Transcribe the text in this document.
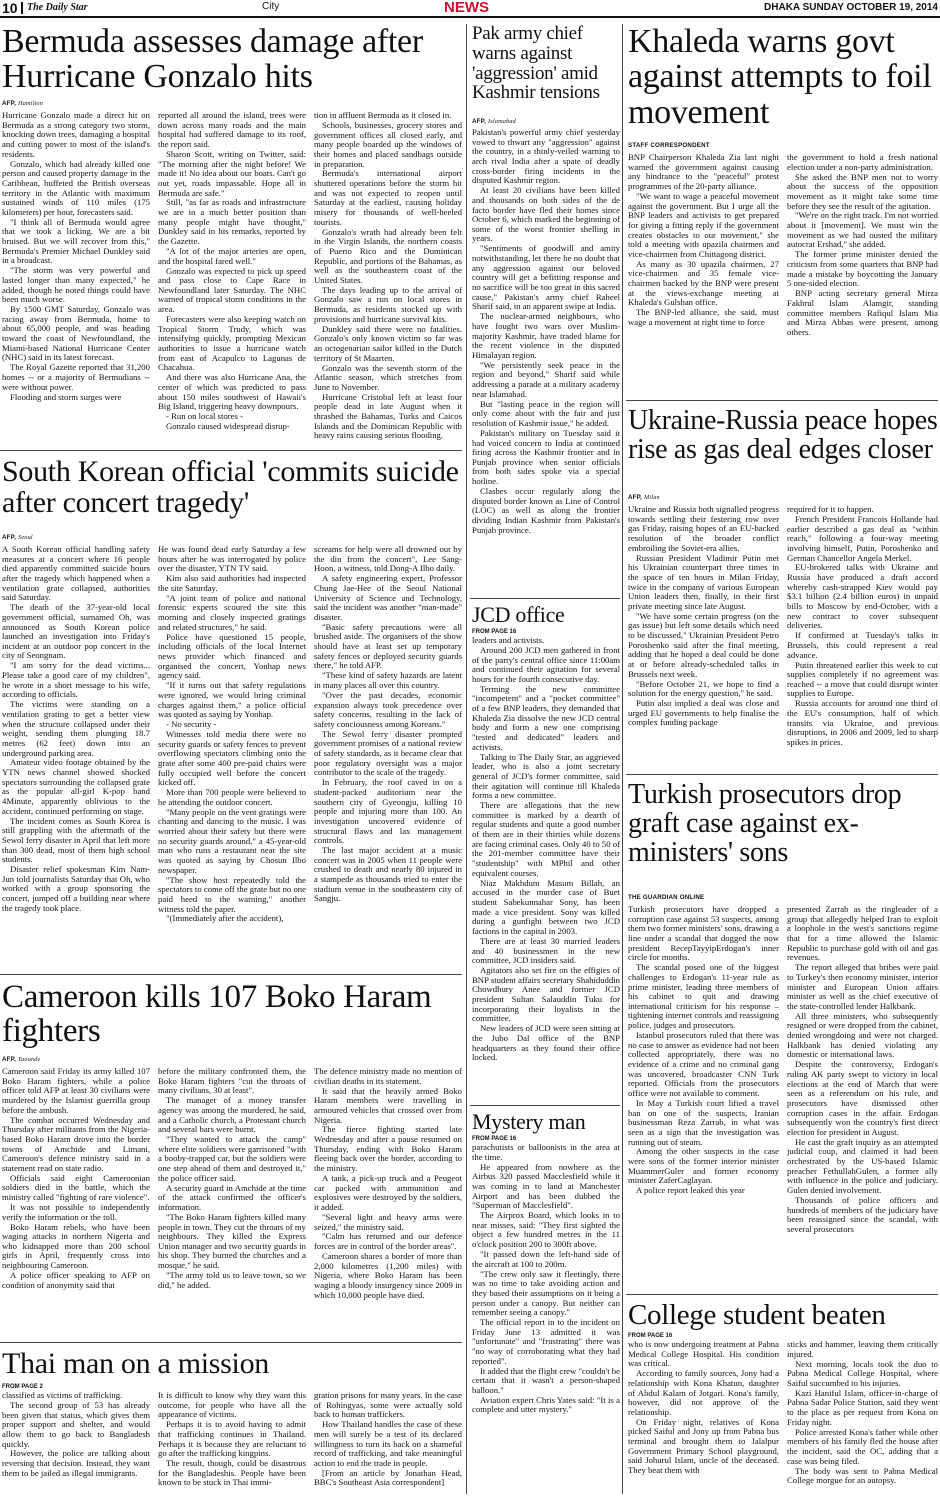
10 The Daily Star	City	NEWS	DHAKA SUNDAY OCTOBER 19, 2014
Bermuda assesses damage after Hurricane Gonzalo hits
AFP, Hamilton

Hurricane Gonzalo made a direct hit on Bermuda as a strong category two storm, knocking down trees, damaging a hospital and cutting power to most of the island's residents.

Gonzalo, which had already killed one person and caused property damage in the Caribbean, buffeted the British overseas territory in the Atlantic with maximum sustained winds of 110 miles (175 kilometers) per hour, forecasters said.

"I think all of Bermuda would agree that we took a licking. We are a bit bruised. But we will recover from this," Bermuda's Premier Michael Dunkley said in a broadcast.

"The storm was very powerful and lasted longer than many expected," he added, though he noted things could have been much worse.

By 1500 GMT Saturday, Gonzalo was racing away from Bermuda, home to about 65,000 people, and was heading toward the coast of Newfoundland, the Miami-based National Hurricane Center (NHC) said in its latest forecast.

The Royal Gazette reported that 31,200 homes -- or a majority of Bermudians -- were without power.

Flooding and storm surges were

reported all around the island, trees were down across many roads and the main hospital had suffered damage to its roof, the report said.

Sharon Scott, writing on Twitter, said: "The morning after the night before! We made it! No idea about our boats. Can't go out yet, roads impassable. Hope all in Bermuda are safe."

Still, "as far as roads and infrastructure we are in a much better position than many people might have thought," Dunkley said in his remarks, reported by the Gazette.

"A lot of the major arteries are open, and the hospital fared well."

Gonzalo was expected to pick up speed and pass close to Cape Race in Newfoundland later Saturday. The NHC warned of tropical storm conditions in the area.

Forecasters were also keeping watch on Tropical Storm Trudy, which was intensifying quickly, prompting Mexican authorities to issue a hurricane watch from east of Acapulco to Lagunas de Chacahua.

And there was also Hurricane Ana, the center of which was predicted to pass about 150 miles southwest of Hawaii's Big Island, triggering heavy downpours.

- Run on local stores -

Gonzalo caused widespread disrup-

tion in affluent Bermuda as it closed in.

Schools, businesses, grocery stores and government offices all closed early, and many people boarded up the windows of their homes and placed sandbags outside in preparation.

Bermuda's international airport shuttered operations before the storm hit and was not expected to reopen until Saturday at the earliest, causing holiday misery for thousands of well-heeled tourists.

Gonzalo's wrath had already been felt in the Virgin Islands, the northern coasts of Puerto Rico and the Dominican Republic, and portions of the Bahamas, as well as the southeastern coast of the United States.

The days leading up to the arrival of Gonzalo saw a run on local stores in Bermuda, as residents stocked up with provisions and hurricane survival kits.

Dunkley said there were no fatalities. Gonzalo's only known victim so far was an octogenarian sailor killed in the Dutch territory of St Maarten.

Gonzalo was the seventh storm of the Atlantic season, which stretches from June to November.

Hurricane Cristobal left at least four people dead in late August when it thrashed the Bahamas, Turks and Caicos Islands and the Dominican Republic with heavy rains causing serious flooding.

South Korean official 'commits suicide after concert tragedy'
AFP, Seoul

A South Korean official handling safety measures at a concert where 16 people died apparently committed suicide hours after the tragedy which happened when a ventilation grate collapsed, authorities said Saturday.

The death of the 37-year-old local government official, surnamed Oh, was announced as South Korean police launched an investigation into Friday's incident at an outdoor pop concert in the city of Seongnam.

"I am sorry for the dead victims... Please take a good care of my children", he wrote in a short message to his wife, according to officials.

The victims were standing on a ventilation grating to get a better view when the structure collapsed under their weight, sending them plunging 18.7 metres (62 feet) down into an underground parking area.

Amateur video footage obtained by the YTN news channel showed shocked spectators surrounding the collapsed grate as the popular all-girl K-pop band 4Minute, apparently oblivious to the accident, continued performing on stage.

The incident comes as South Korea is still grappling with the aftermath of the Sewol ferry disaster in April that left more than 300 dead, most of them high school students.

Disaster relief spokesman Kim Nam-Jun told journalists Saturday that Oh, who worked with a group sponsoring the concert, jumped off a building near where the tragedy took place.

He was found dead early Saturday a few hours after he was interrogated by police over the disaster, YTN TV said.

Kim also said authorities had inspected the site Saturday.

"A joint team of police and national forensic experts scoured the site this morning and closely inspected gratings and related structures," he said.

Police have questioned 15 people, including officials of the local Internet news provider which financed and organised the concert, Yonhap news agency said.

"If it turns out that safety regulations were ignored, we would bring criminal charges against them," a police official was quoted as saying by Yonhap.

- No security -

Witnesses told media there were no security guards or safety fences to prevent overflowing spectators climbing onto the grate after some 400 pre-paid chairs were fully occupied well before the concert kicked off.

More than 700 people were believed to be attending the outdoor concert.

"Many people on the vent gratings were chanting and dancing to the music. I was worried about their safety but there were no security guards around," a 45-year-old man who runs a restaurant near the site was quoted as saying by Chosun Ilbo newspaper.

"The show host repeatedly told the spectators to come off the grate but no one paid heed to the warning," another witness told the paper.

"(Immediately after the accident),

screams for help were all drowned out by the din from the concert", Lee Sang-Hoon, a witness, told Dong-A Ilbo daily.

A safety engineering expert, Professor Chung Jae-Hee of the Seoul National University of Science and Technology, said the incident was another "man-made" disaster.

"Basic safety precautions were all brushed aside. The organisers of the show should have at least set up temporary safety fences or deployed security guards there," he told AFP.

"These kind of safety hazards are latent in many places all over this country.

"Over the past decades, economic expansion always took precedence over safety concerns, resulting in the lack of safety conciousness among Koreans."

The Sewol ferry disaster prompted government promises of a national review of safety standards, as it became clear that poor regulatory oversight was a major contributor to the scale of the tragedy.

In February, the roof caved in on a student-packed auditorium near the southern city of Gyeongju, killing 10 people and injuring more than 100. An investigation uncovered evidence of structural flaws and lax management controls.

The last major accident at a music concert was in 2005 when 11 people were crushed to death and nearly 80 injured in a stampede as thousands tried to enter the stadium venue in the southeastern city of Sangju.

Cameroon kills 107 Boko Haram fighters
AFP, Yaounde

Cameroon said Friday its army killed 107 Boko Haram fighters, while a police officer told AFP at least 30 civilians were murdered by the Islamist guerrilla group before the ambush.

The combat occurred Wednesday and Thursday after militants from the Nigeria-based Boko Haram drove into the border towns of Amchide and Limani, Cameroon's defence ministry said in a statement read on state radio.

Officials said eight Cameroonian soldiers died in the battle, which the ministry called "fighting of rare violence".

It was not possible to independently verify the information or the toll.

Boko Haram rebels, who have been waging attacks in northern Nigeria and who kidnapped more than 200 school girls in April, frequently cross into neighbouring Cameroon.

A police officer speaking to AFP on condition of anonymity said that

before the military confronted them, the Boko Haram fighters "cut the throats of many civilians, 30 at least".

The manager of a money transfer agency was among the murdered, he said, and a Catholic church, a Protestant church and several bars were burnt.

"They wanted to attack the camp" where elite soldiers were garrisoned "with a booby-trapped car, but the soldiers were one step ahead of them and destroyed it," the police officer said.

A security guard in Amchide at the time of the attack confirmed the officer's information.

"The Boko Haram fighters killed many people in town. They cut the throats of my neighbours. They killed the Express Union manager and two security guards in his shop. They burned the churches and a mosque," he said.

"The army told us to leave town, so we did," he added.

The defence ministry made no mention of civilian deaths in its statement.

It said that the heavily armed Boko Haram members were travelling in armoured vehicles that crossed over from Nigeria.

The fierce fighting started late Wednesday and after a pause resumed on Thursday, ending with Boko Haram fleeing back over the border, according to the ministry.

A tank, a pick-up truck and a Peugeot car packed with ammunition and explosives were destroyed by the soldiers, it added.

"Several light and heavy arms were seized," the ministry said.

"Calm has returned and our defence forces are in control of the border areas".

Cameroon shares a border of more than 2,000 kilometres (1,200 miles) with Nigeria, where Boko Haram has been waging a bloody insurgency since 2009 in which 10,000 people have died.

Thai man on a mission
FROM PAGE 2

classified as victims of trafficking.

The second group of 53 has already been given that status, which gives them proper support and shelter, and would allow them to go back to Bangladesh quickly.

However, the police are talking about reversing that decision. Instead, they want them to be jailed as illegal immigrants.

It is difficult to know why they want this outcome, for people who have all the appearance of victims.

Perhaps it is to avoid having to admit that trafficking continues in Thailand. Perhaps it is because they are reluctant to go after the trafficking kingpins.

The result, though, could be disastrous for the Bangladeshis. People have been known to be stuck in Thai immi-

gration prisons for many years. In the case of Rohingyas, some were actually sold back to human traffickers.

How Thailand handles the case of these men will surely be a test of its declared willingness to turn its back on a shameful record of trafficking, and take meaningful action to end the trade in people.

[From an article by Jonathan Head, BBC's Southeast Asia correspondent]

Pak army chief warns against 'aggression' amid Kashmir tensions
AFP, Islamabad

Pakistan's powerful army chief yesterday vowed to thwart any "aggression" against the country, in a thinly-veiled warning to arch rival India after a spate of deadly cross-border firing incidents in the disputed Kashmir region.

At least 20 civilians have been killed and thousands on both sides of the de facto border have fled their homes since October 6, which marked the beginning of some of the worst frontier shelling in years.

"Sentiments of goodwill and amity notwithstanding, let there be no doubt that any aggression against our beloved country will get a befitting response and no sacrifice will be too great in this sacred cause," Pakistan's army chief Raheel Sharif said, in an apparent swipe at India.

The nuclear-armed neighbours, who have fought two wars over Muslim-majority Kashmir, have traded blame for the recent violence in the disputed Himalayan region.

"We persistently seek peace in the region and beyond," Sharif said while addressing a parade at a military academy near Islamabad.

But "lasting peace in the region will only come about with the fair and just resolution of Kashmir issue," he added.

Pakistan's military on Tuesday said it had voiced concern to India at continued firing across the Kashmir frontier and in Punjab province when senior officials from both sides spoke via a special hotline.

Clashes occur regularly along the disputed border known as Line of Control (LOC) as well as along the frontier dividing Indian Kashmir from Pakistan's Punjab province.

JCD office
FROM PAGE 16

leaders and activists.

Around 200 JCD men gathered in front of the party's central office since 11:00am and continued their agitation for several hours for the fourth consecutive day.

Terming the new committee "incompetent" and a "pocket committee" of a few BNP leaders, they demanded that Khaleda Zia dissolve the new JCD central body and form a new one comprising "tested and dedicated" leaders and activists.

Talking to The Daily Star, an aggrieved leader, who is also a joint secretary general of JCD's former committee, said their agitation will continue till Khaleda forms a new committee.

There are allegations that the new committee is marked by a dearth of regular students and quite a good number of them are in their thirties while dozens are facing criminal cases. Only 40 to 50 of the 201-member committee have their "studentship" with MPhil and other equivalent courses.

Niaz Makhdum Masum Billah, an accused in the murder case of Buet student Sabekunnahar Sony, has been made a vice president. Sony was killed during a gunfight between two JCD factions in the capital in 2003.

There are at least 30 married leaders and 40 businessmen in the new committee, JCD insiders said.

Agitators also set fire on the effigies of BNP student affairs secretary Shahiduddin Chowdhury Anee and former JCD president Sultan Salauddin Tuku for incorporating their loyalists in the committee.

New leaders of JCD were seen sitting at the Jubo Dal office of the BNP headquarters as they found their office locked.

Mystery man
FROM PAGE 16

parachutists or balloonists in the area at the time.

He appeared from nowhere as the Airbus 320 passed Macclesfield while it was coming in to land at Manchester Airport and has been dubbed the "Superman of Macclesfield".

The Airprox Board, which looks in to near misses, said: "They first sighted the object a few hundred metres in the 11 o'clock position 200 to 300ft above.

"It passed down the left-hand side of the aircraft at 100 to 200m.

"The crew only saw it fleetingly, there was no time to take avoiding action and they based their assumptions on it being a person under a canopy. But neither can remember seeing a canopy."

The official report in to the incident on Friday June 13 admitted it was "unfortunate" and "frustrating" there was "no way of corroborating what they had reported".

It added that the flight crew "couldn't be certain that it wasn't a person-shaped balloon."

Aviation expert Chris Yates said: "It is a complete and utter mystery."

Khaleda warns govt against attempts to foil movement
STAFF CORRESPONDENT

BNP Chairperson Khaleda Zia last night warned the government against causing any hindrance to the "peaceful" protest programmes of the 20-party alliance.

"We want to wage a peaceful movement against the government. But I urge all the BNP leaders and activists to get prepared for giving a fitting reply if the government creates obstacles to our movement," she told a meeting with upazila chairmen and vice-chairmen from Chittagong district.

As many as 30 upazila chairmen, 27 vice-chairmen and 35 female vice-chairmen backed by the BNP were present at the views-exchange meeting at Khaleda's Gulshan office.

The BNP-led alliance, she said, must wage a movement at right time to force

the government to hold a fresh national election under a non-party administration.

She asked the BNP men not to worry about the success of the opposition movement as it might take some time before they see the result of the agitation.

"We're on the right track. I'm not worried about it [movement]. We must win the movement as we had ousted the military autocrat Ershad," she added.

The former prime minister denied the criticism from some quarters that BNP had made a mistake by boycotting the January 5 one-sided election.

BNP acting secretary general Mirza Fakhrul Islam Alamgir, standing committee members Rafiqul Islam Mia and Mirza Abbas were present, among others.

Ukraine-Russia peace hopes rise as gas deal edges closer
AFP, Milan

Ukraine and Russia both signalled progress towards settling their festering row over gas Friday, raising hopes of an EU-backed resolution of the broader conflict embroiling the Soviet-era allies.

Russian President Vladimir Putin met his Ukrainian counterpart three times in the space of ten hours in Milan Friday, twice in the company of various European Union leaders then, finally, in their first private meeting since late August.

"We have some certain progress (on the gas issue) but left some details which need to be discussed," Ukrainian President Petro Poroshenko said after the final meeting, adding that he hoped a deal could be done at or before already-scheduled talks in Brussels next week.

"Before October 21, we hope to find a solution for the energy question," he said.

Putin also implied a deal was close and urged EU governments to help finalise the complex funding package

required for it to happen.

French President Francois Hollande had earlier described a gas deal as "within reach," following a four-way meeting involving himself, Putin, Poroshenko and German Chancellor Angela Merkel.

EU-brokered talks with Ukraine and Russia have produced a draft accord whereby cash-strapped Kiev would pay $3.1 billion (2.4 billion euros) in unpaid bills to Moscow by end-October, with a new contract to cover subsequent deliveries.

If confirmed at Tuesday's talks in Brussels, this could represent a real advance.

Putin threatened earlier this week to cut supplies completely if no agreement was reached -- a move that could disrupt winter supplies to Europe.

Russia accounts for around one third of the EU's consumption, half of which transits via Ukraine, and previous disruptions, in 2006 and 2009, led to sharp spikes in prices.

Turkish prosecutors drop graft case against ex-ministers' sons
THE GUARDIAN ONLINE

Turkish prosecutors have dropped a corruption case against 53 suspects, among them two former ministers' sons, drawing a line under a scandal that dogged the now president RecepTayyipErdogan's inner circle for months.

The scandal posed one of the biggest challenges to Erdogan's 11-year rule as prime minister, leading three members of his cabinet to quit and drawing international criticism for his response – tightening internet controls and reassigning police, judges and prosecutors.

Istanbul prosecutors ruled that there was no case to answer as evidence had not been collected appropriately, there was no evidence of a crime and no criminal gang was uncovered, broadcaster CNN Turk reported. Officials from the prosecutors office were not available to comment.

In May a Turkish court lifted a travel ban on one of the suspects, Iranian businessman Reza Zarrab, in what was seen as a sign that the investigation was running out of steam.

Among the other suspects in the case were sons of the former interior minister MuammerGuler and former economy minister ZaferCaglayan.

A police report leaked this year

presented Zarrab as the ringleader of a group that allegedly helped Iran to exploit a loophole in the west's sanctions regime that for a time allowed the Islamic Republic to purchase gold with oil and gas revenues.

The report alleged that bribes were paid to Turkey's then economy minister, interior minister and European Union affairs minister as well as the chief executive of the state-controlled lender Halkbank.

All three ministers, who subsequently resigned or were dropped from the cabinet, denied wrongdoing and were not charged. Halkbank has denied violating any domestic or international laws.

Despite the controversy, Erdogan's ruling AK party swept to victory in local elections at the end of March that were seen as a referendum on his rule, and prosecutors have dismissed other corruption cases in the affair. Erdogan subsequently won the country's first direct election for president in August.

He cast the graft inquiry as an attempted judicial coup, and claimed it had been orchestrated by the US-based Islamic preacher FethullahGulen, a former ally with influence in the police and judiciary. Gulen denied involvement.

Thousands of police officers and hundreds of members of the judiciary have been reassigned since the scandal, with several prosecutors

College student beaten
FROM PAGE 16

who is now undergoing treatment at Pabna Medical College Hospital. His condition was critical.

According to family sources, Jony had a relationship with Kona Khatun, daughter of Abdul Kalam of Jotgari. Kona's family, however, did not approve of the relationship.

On Friday night, relatives of Kona picked Saiful and Jony up from Pabna bus terminal and brought them to Jalalpur Government Primary School playground, said Johurul Islam, uncle of the deceased. They beat them with

sticks and hammer, leaving them critically injured.

Next morning, locals took the duo to Pabna Medical College Hospital, where Saiful succumbed to his injuries.

Kazi Haniful Islam, officer-in-charge of Pabna Sadar Police Station, said they went to the place as per request from Kona on Friday night.

Police arrested Kona's father while other members of his family fled the house after the incident, said the OC, adding that a case was being filed.

The body was sent to Pabna Medical College morgue for an autopsy.
